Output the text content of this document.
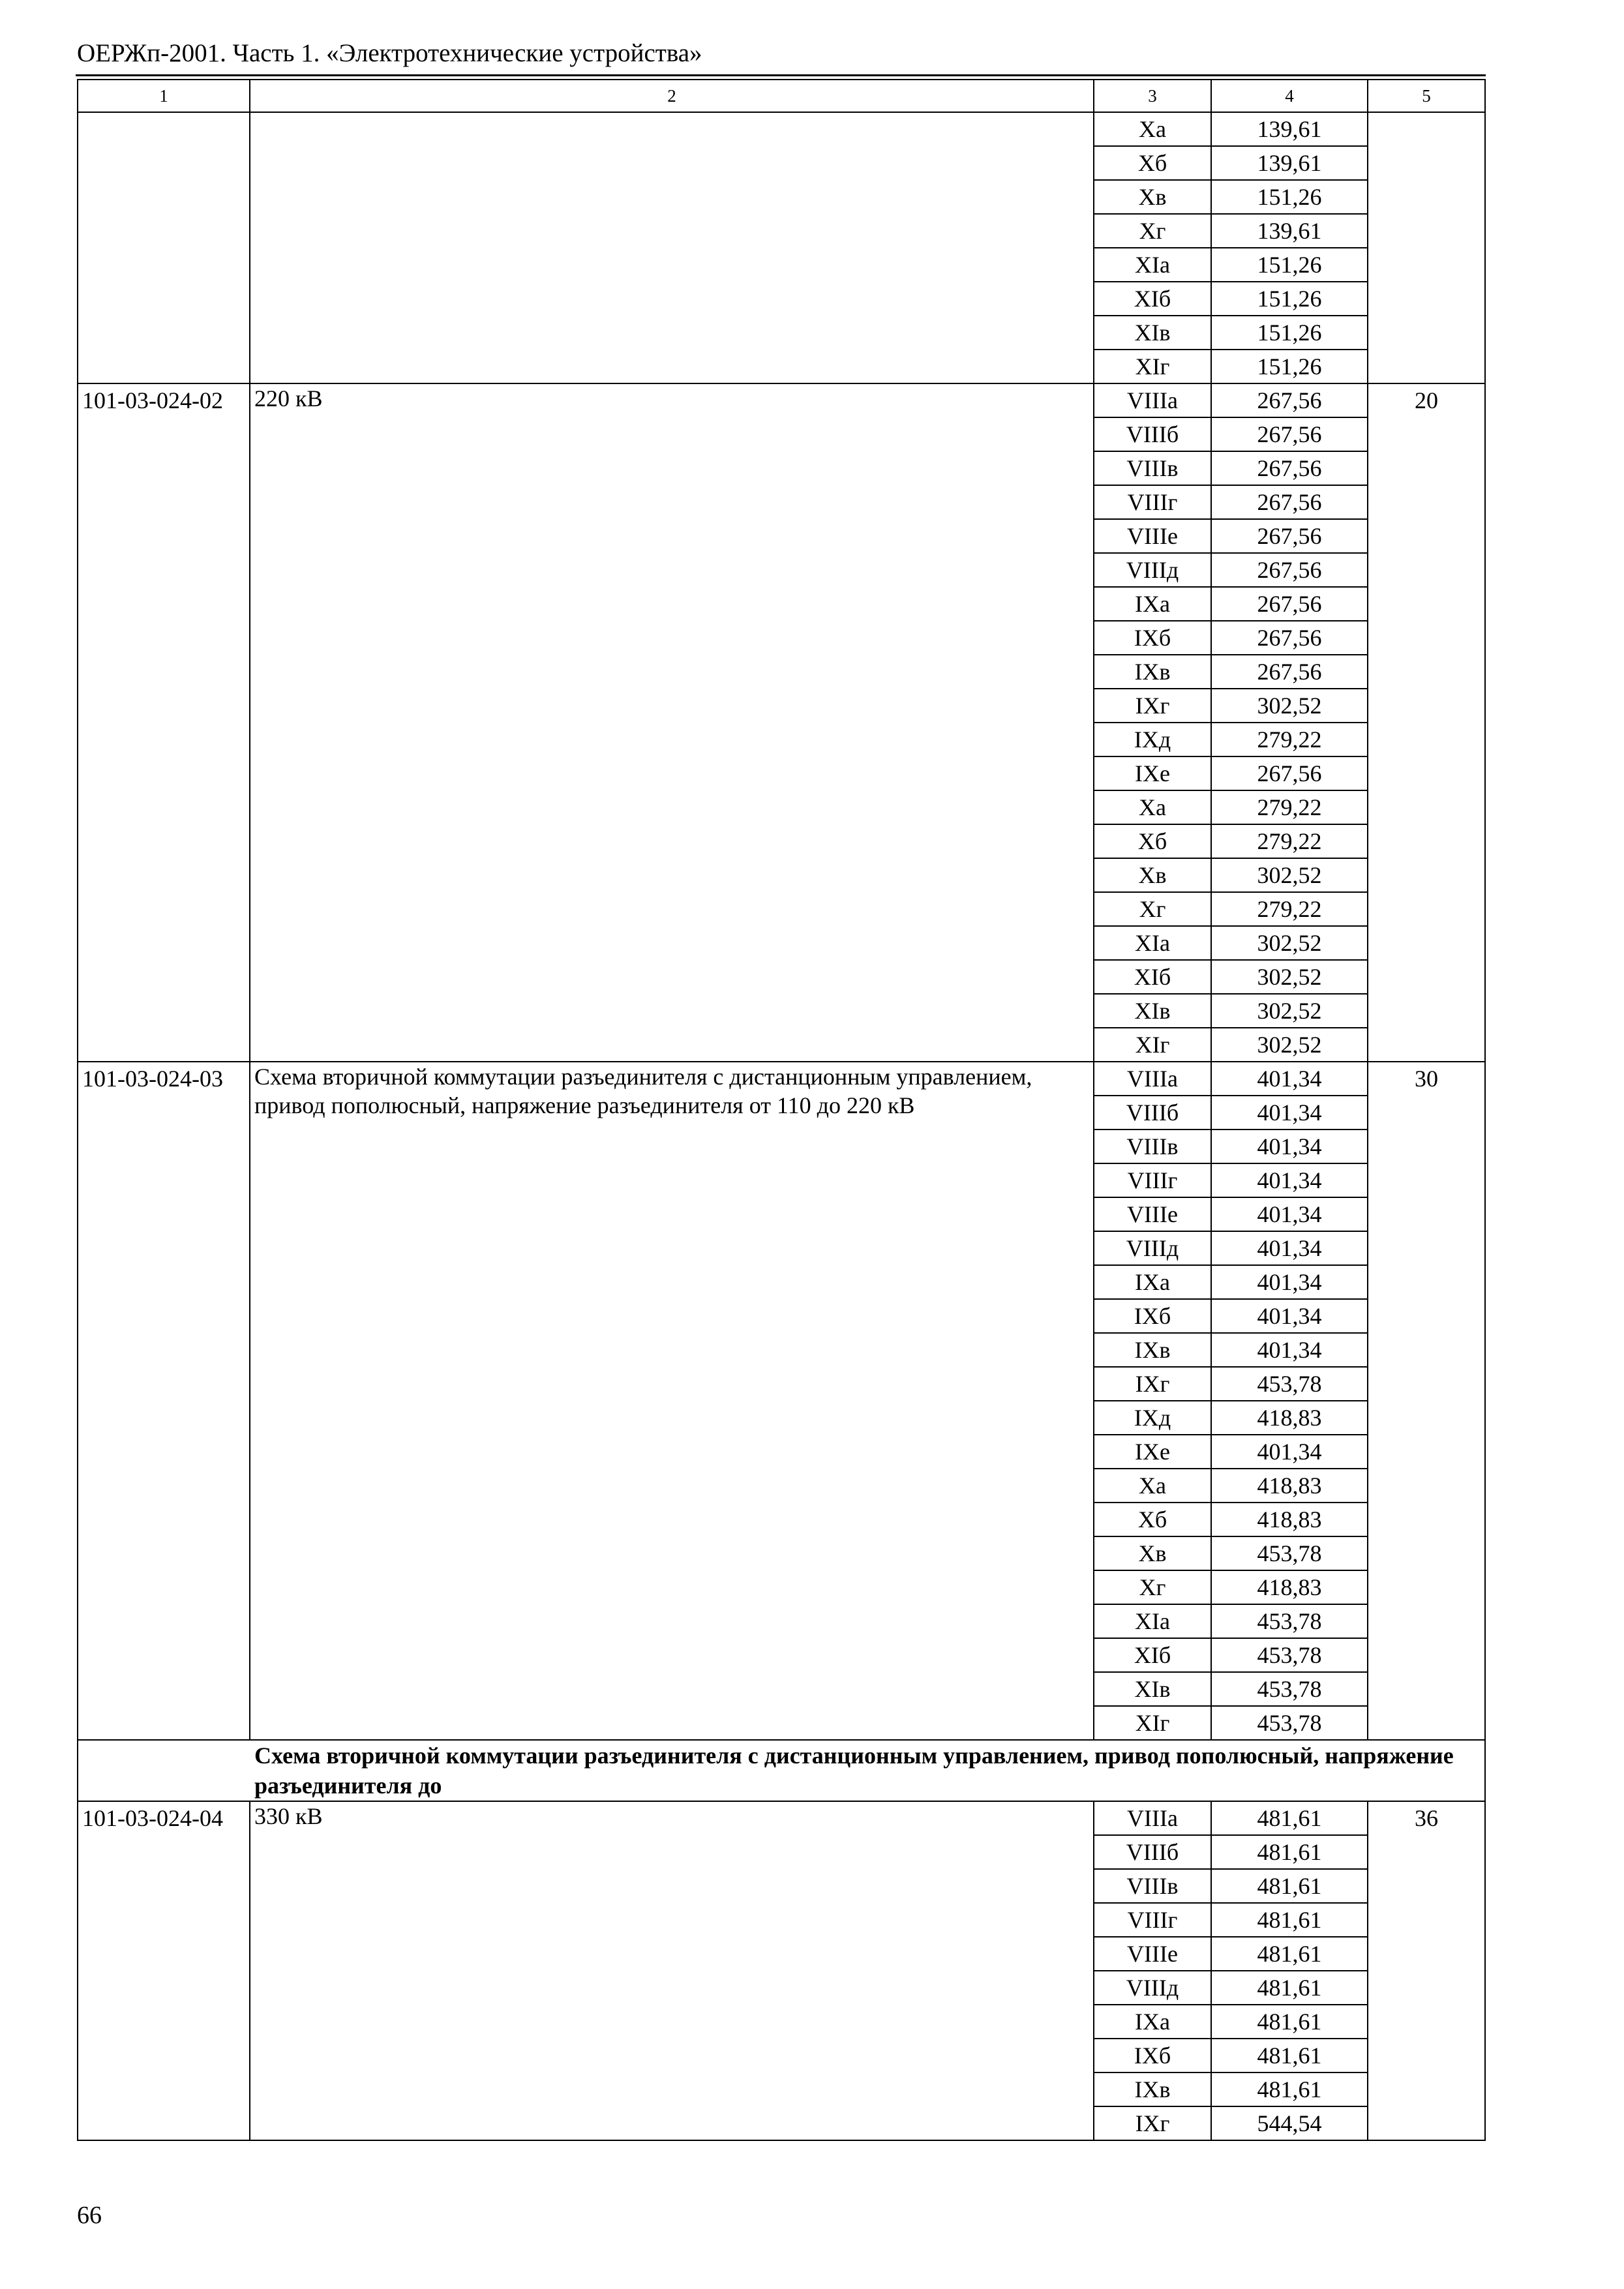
ОЕРЖп-2001. Часть 1. «Электротехнические устройства»
1	2	3	4	5
		Xa	139,61	
		Xб	139,61	
		Xв	151,26	
		Xг	139,61	
		XIa	151,26	
		XIб	151,26	
		XIв	151,26	
		XIг	151,26	
101-03-024-02	220 кВ	VIIIa	267,56	20
		VIIIб	267,56	
		VIIIв	267,56	
		VIIIг	267,56	
		VIIIe	267,56	
		VIIIд	267,56	
		IXa	267,56	
		IXб	267,56	
		IXв	267,56	
		IXг	302,52	
		IXд	279,22	
		IXe	267,56	
		Xa	279,22	
		Xб	279,22	
		Xв	302,52	
		Xг	279,22	
		XIa	302,52	
		XIб	302,52	
		XIв	302,52	
		XIг	302,52	
101-03-024-03	Схема вторичной коммутации разъединителя с дистанционным управлением, привод пополюсный, напряжение разъединителя от 110 до 220 кВ	VIIIa	401,34	30
		VIIIб	401,34	
		VIIIв	401,34	
		VIIIг	401,34	
		VIIIe	401,34	
		VIIIд	401,34	
		IXa	401,34	
		IXб	401,34	
		IXв	401,34	
		IXг	453,78	
		IXд	418,83	
		IXe	401,34	
		Xa	418,83	
		Xб	418,83	
		Xв	453,78	
		Xг	418,83	
		XIa	453,78	
		XIб	453,78	
		XIв	453,78	
		XIг	453,78	
Схема вторичной коммутации разъединителя с дистанционным управлением, привод пополюсный, напряжение разъединителя до				
101-03-024-04	330 кВ	VIIIa	481,61	36
		VIIIб	481,61	
		VIIIв	481,61	
		VIIIг	481,61	
		VIIIe	481,61	
		VIIIд	481,61	
		IXa	481,61	
		IXб	481,61	
		IXв	481,61	
		IXг	544,54	
66
